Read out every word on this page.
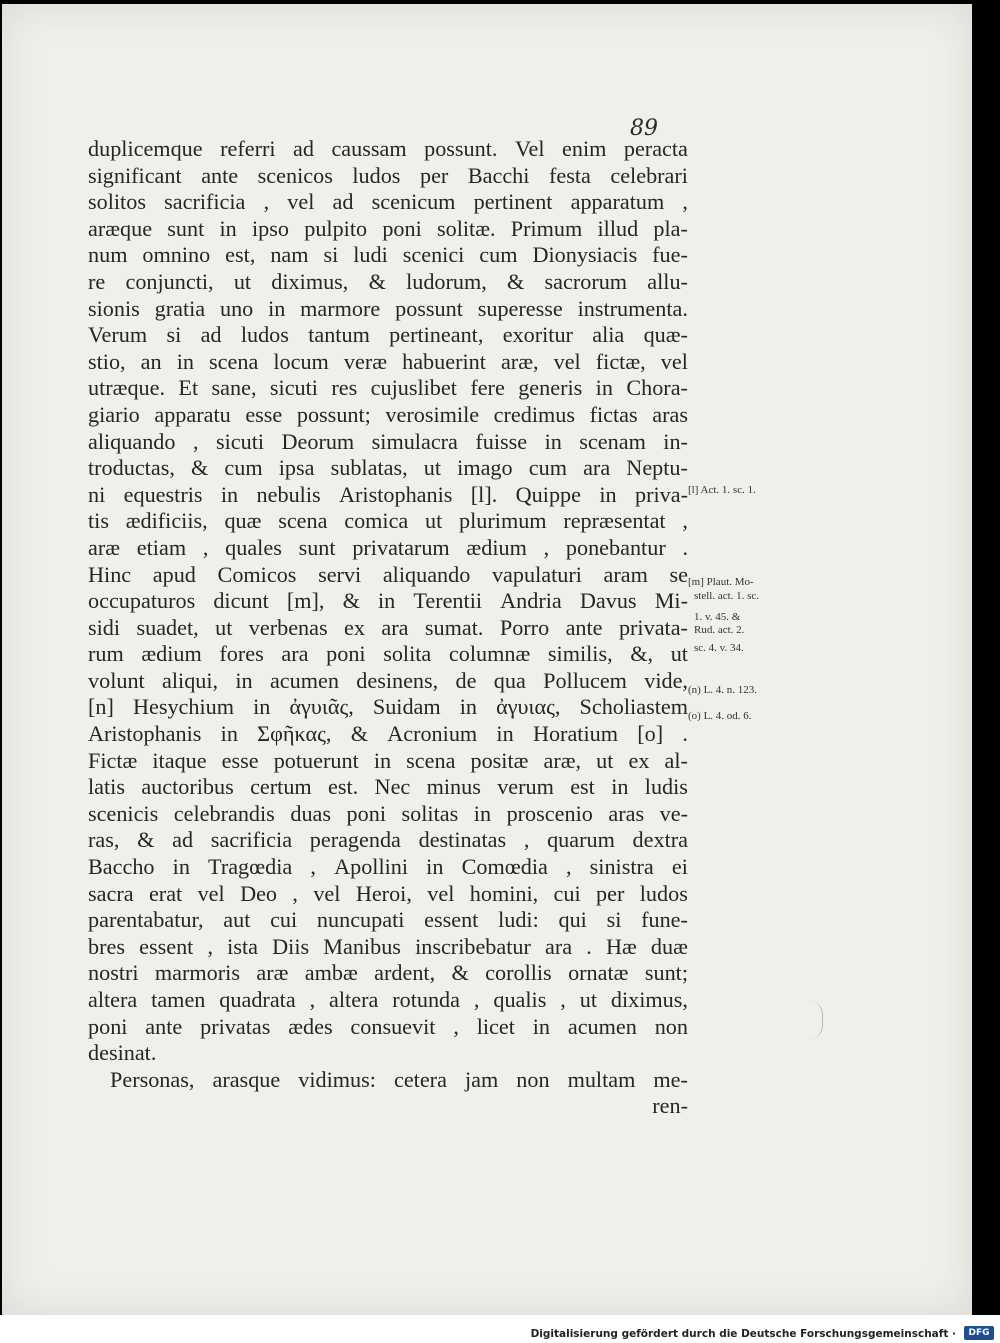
89
duplicemque referri ad caussam possunt. Vel enim peracta
significant ante scenicos ludos per Bacchi festa celebrari
solitos sacrificia , vel ad scenicum pertinent apparatum ,
aræque sunt in ipso pulpito poni solitæ. Primum illud pla-
num omnino est, nam si ludi scenici cum Dionysiacis fue-
re conjuncti, ut diximus, & ludorum, & sacrorum allu-
sionis gratia uno in marmore possunt superesse instrumenta.
Verum si ad ludos tantum pertineant, exoritur alia quæ-
stio, an in scena locum veræ habuerint aræ, vel fictæ, vel
utræque. Et sane, sicuti res cujuslibet fere generis in Chora-
giario apparatu esse possunt; verosimile credimus fictas aras
aliquando , sicuti Deorum simulacra fuisse in scenam in-
troductas, & cum ipsa sublatas, ut imago cum ara Neptu-
ni equestris in nebulis Aristophanis [l]. Quippe in priva-
tis ædificiis, quæ scena comica ut plurimum repræsentat ,
aræ etiam , quales sunt privatarum ædium , ponebantur .
Hinc apud Comicos servi aliquando vapulaturi aram se
occupaturos dicunt [m], & in Terentii Andria Davus Mi-
sidi suadet, ut verbenas ex ara sumat. Porro ante privata-
rum ædium fores ara poni solita columnæ similis, &, ut
volunt aliqui, in acumen desinens, de qua Pollucem vide,
[n] Hesychium in ἀγυιᾶς, Suidam in ἀγυιας, Scholiastem
Aristophanis in Σφῆκας, & Acronium in Horatium [o] .
Fictæ itaque esse potuerunt in scena positæ aræ, ut ex al-
latis auctoribus certum est. Nec minus verum est in ludis
scenicis celebrandis duas poni solitas in proscenio aras ve-
ras, & ad sacrificia peragenda destinatas , quarum dextra
Baccho in Tragœdia , Apollini in Comœdia , sinistra ei
sacra erat vel Deo , vel Heroi, vel homini, cui per ludos
parentabatur, aut cui nuncupati essent ludi: qui si fune-
bres essent , ista Diis Manibus inscribebatur ara . Hæ duæ
nostri marmoris aræ ambæ ardent, & corollis ornatæ sunt;
altera tamen quadrata , altera rotunda , qualis , ut diximus,
poni ante privatas ædes consuevit , licet in acumen non
desinat.
Personas, arasque vidimus: cetera jam non multam me-
ren-
[l] Act. 1. sc. 1.
[m] Plaut. Mo-
stell. act. 1. sc.
1. v. 45. &
Rud. act. 2.
sc. 4. v. 34.
(n) L. 4. n. 123.
(o) L. 4. od. 6.
Digitalisierung gefördert durch die Deutsche Forschungsgemeinschaft ·	DFG
